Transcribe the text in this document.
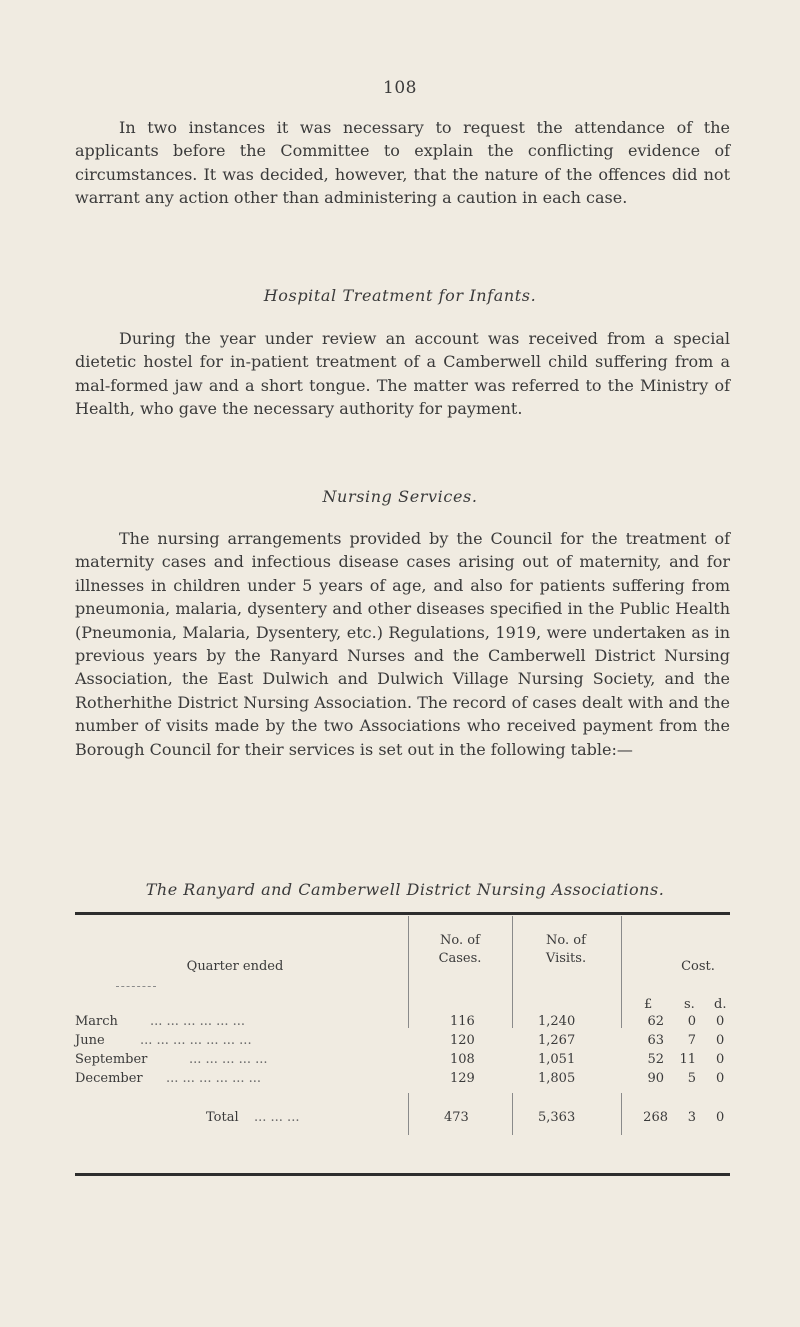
108

In two instances it was necessary to request the attendance of the applicants before the Committee to explain the conflicting evidence of circumstances. It was decided, however, that the nature of the offences did not warrant any action other than administering a caution in each case.

Hospital Treatment for Infants.

During the year under review an account was received from a special dietetic hostel for in-patient treatment of a Camberwell child suffering from a mal-formed jaw and a short tongue. The matter was referred to the Ministry of Health, who gave the necessary authority for payment.

Nursing Services.

The nursing arrangements provided by the Council for the treatment of maternity cases and infectious disease cases arising out of maternity, and for illnesses in children under 5 years of age, and also for patients suffering from pneumonia, malaria, dysentery and other diseases specified in the Public Health (Pneumonia, Malaria, Dysentery, etc.) Regulations, 1919, were undertaken as in previous years by the Ranyard Nurses and the Camberwell District Nursing Association, the East Dulwich and Dulwich Village Nursing Society, and the Rotherhithe District Nursing Association. The record of cases dealt with and the number of visits made by the two Associations who received payment from the Borough Council for their services is set out in the following table:—

The Ranyard and Camberwell District Nursing Associations.

Quarter ended
No. of
Cases.
No. of
Visits.
Cost.
£ s. d.
March ... ... ... ... ... ...	116	1,240	62	0 0
June	... ... ... ... ... ... ...	120	1,267	63	7 0
September	... ... ... ... ...	108	1,051	52 11 0
December ... ... ... ... ... ...	129	1,805	90	5 0
Total ... ... ...	473	5,363	268	3 0
